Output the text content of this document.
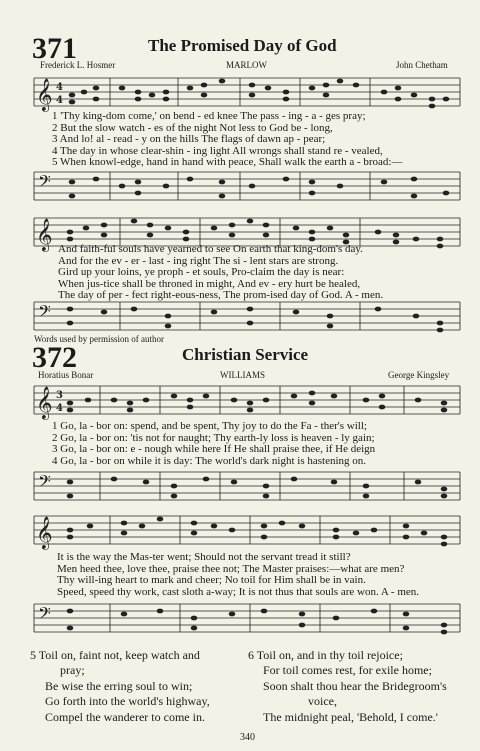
371	The Promised Day of God
Frederick L. Hosmer	MARLOW	John Chetham
𝄞 4
4
1 'Thy king-dom come,' on bend - ed knee The pass - ing - a - ges pray;
2 But the slow watch - es of the night Not less to God be - long,
3 And lo! al - read - y on the hills The flags of dawn ap - pear;
4 The day in whose clear-shin - ing light All wrongs shall stand re - vealed,
5 When knowl-edge, hand in hand with peace, Shall walk the earth a - broad:—
𝄢
𝄞 And faith-ful souls have yearned to see On earth that king-dom's day.
And for the ev - er - last - ing right The si - lent stars are strong.
Gird up your loins, ye proph - et souls, Pro-claim the day is near:
When jus-tice shall be throned in might, And ev - ery hurt be healed,
The day of per - fect right-eous-ness, The prom-ised day of God. A - men.
𝄢
Words used by permission of author
372	Christian Service
Horatius Bonar	WILLIAMS	George Kingsley
𝄞 3
4
1 Go, la - bor on: spend, and be spent, Thy joy to do the Fa - ther's will;
2 Go, la - bor on: 'tis not for naught; Thy earth-ly loss is heaven - ly gain;
3 Go, la - bor on: e - nough while here If He shall praise thee, if He deign
4 Go, la - bor on while it is day: The world's dark night is hastening on.
𝄢
𝄞
It is the way the Mas-ter went; Should not the servant tread it still?
Men heed thee, love thee, praise thee not; The Master praises:—what are men?
Thy will-ing heart to mark and cheer; No toil for Him shall be in vain.
Speed, speed thy work, cast sloth a-way; It is not thus that souls are won. A - men.
𝄢
5 Toil on, faint not, keep watch and
pray;
Be wise the erring soul to win;
Go forth into the world's highway,
Compel the wanderer to come in.
6 Toil on, and in thy toil rejoice;
For toil comes rest, for exile home;
Soon shalt thou hear the Bridegroom's
voice,
The midnight peal, 'Behold, I come.'
340
